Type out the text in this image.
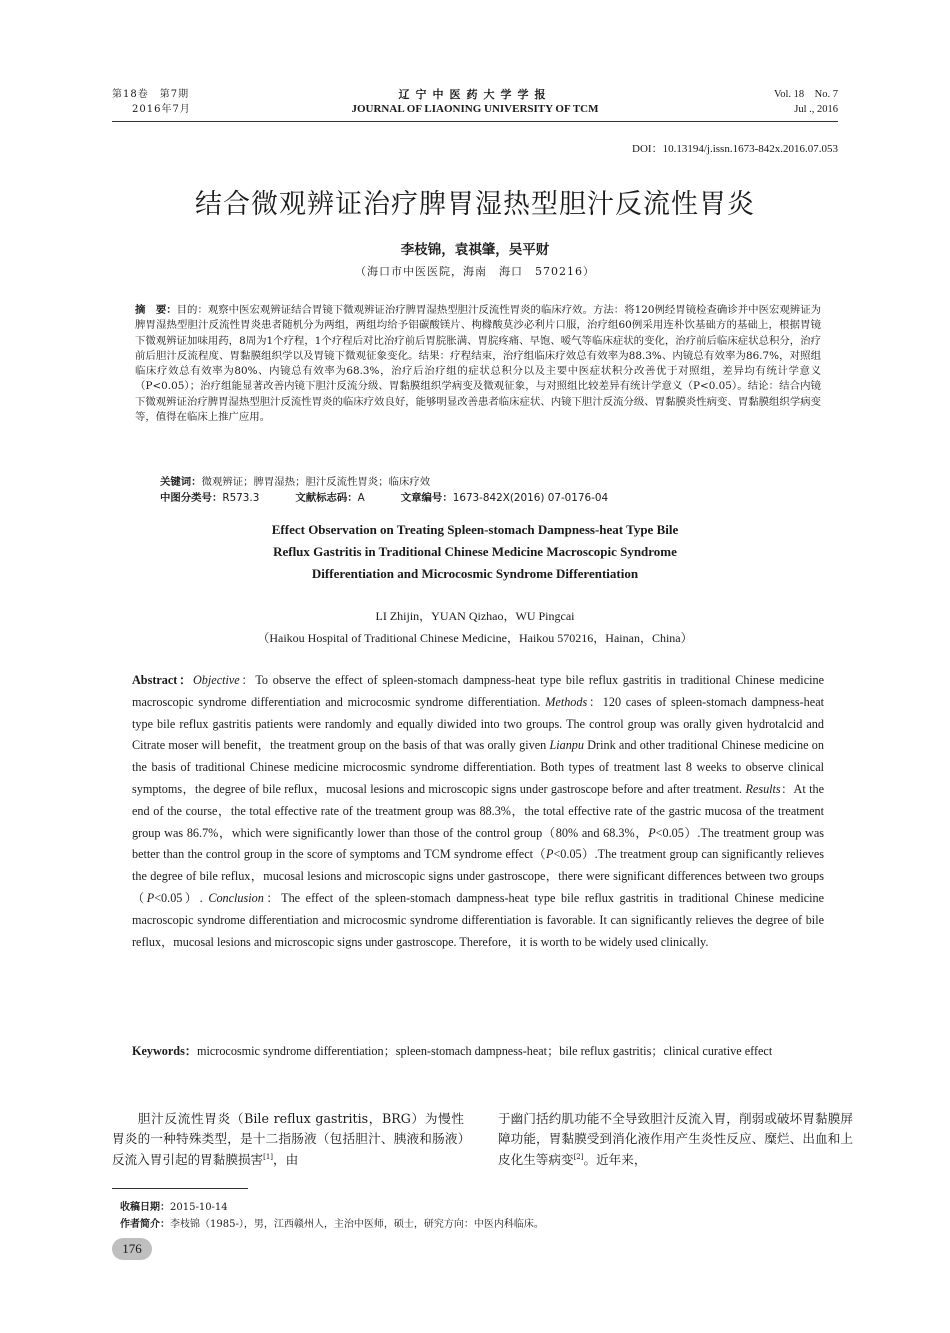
第18卷　第7期
2016年7月
辽宁中医药大学学报
JOURNAL OF LIAONING UNIVERSITY OF TCM
Vol. 18　No. 7
Jul ., 2016
DOI：10.13194/j.issn.1673-842x.2016.07.053
结合微观辨证治疗脾胃湿热型胆汁反流性胃炎
李枝锦，袁祺肇，吴平财
（海口市中医医院，海南　海口　570216）
摘　要：目的：观察中医宏观辨证结合胃镜下微观辨证治疗脾胃湿热型胆汁反流性胃炎的临床疗效。方法：将120例经胃镜检查确诊并中医宏观辨证为脾胃湿热型胆汁反流性胃炎患者随机分为两组，两组均给予铝碳酸镁片、枸橼酸莫沙必利片口服，治疗组60例采用连朴饮基础方的基础上，根据胃镜下微观辨证加味用药，8周为1个疗程，1个疗程后对比治疗前后胃脘胀满、胃脘疼痛、早饱、嗳气等临床症状的变化，治疗前后临床症状总积分，治疗前后胆汁反流程度、胃黏膜组织学以及胃镜下微观征象变化。结果：疗程结束，治疗组临床疗效总有效率为88.3%、内镜总有效率为86.7%，对照组临床疗效总有效率为80%、内镜总有效率为68.3%，治疗后治疗组的症状总积分以及主要中医症状积分改善优于对照组，差异均有统计学意义（P<0.05）；治疗组能显著改善内镜下胆汁反流分级、胃黏膜组织学病变及微观征象，与对照组比较差异有统计学意义（P<0.05）。结论：结合内镜下微观辨证治疗脾胃湿热型胆汁反流性胃炎的临床疗效良好，能够明显改善患者临床症状、内镜下胆汁反流分级、胃黏膜炎性病变、胃黏膜组织学病变等，值得在临床上推广应用。
关键词：微观辨证；脾胃湿热；胆汁反流性胃炎；临床疗效
中图分类号：R573.3	文献标志码：A	文章编号：1673-842X(2016) 07-0176-04
Effect Observation on Treating Spleen-stomach Dampness-heat Type Bile
Reflux Gastritis in Traditional Chinese Medicine Macroscopic Syndrome
Differentiation and Microcosmic Syndrome Differentiation
LI Zhijin，YUAN Qizhao，WU Pingcai
（Haikou Hospital of Traditional Chinese Medicine，Haikou 570216，Hainan，China）
Abstract：Objective：To observe the effect of spleen-stomach dampness-heat type bile reflux gastritis in traditional Chinese medicine macroscopic syndrome differentiation and microcosmic syndrome differentiation. Methods：120 cases of spleen-stomach dampness-heat type bile reflux gastritis patients were randomly and equally diwided into two groups. The control group was orally given hydrotalcid and Citrate moser will benefit，the treatment group on the basis of that was orally given Lianpu Drink and other traditional Chinese medicine on the basis of traditional Chinese medicine microcosmic syndrome differentiation. Both types of treatment last 8 weeks to observe clinical symptoms，the degree of bile reflux，mucosal lesions and microscopic signs under gastroscope before and after treatment. Results：At the end of the course，the total effective rate of the treatment group was 88.3%，the total effective rate of the gastric mucosa of the treatment group was 86.7%，which were significantly lower than those of the control group（80% and 68.3%，P<0.05）.The treatment group was better than the control group in the score of symptoms and TCM syndrome effect（P<0.05）.The treatment group can significantly relieves the degree of bile reflux，mucosal lesions and microscopic signs under gastroscope，there were significant differences between two groups（P<0.05）. Conclusion：The effect of the spleen-stomach dampness-heat type bile reflux gastritis in traditional Chinese medicine macroscopic syndrome differentiation and microcosmic syndrome differentiation is favorable. It can significantly relieves the degree of bile reflux，mucosal lesions and microscopic signs under gastroscope. Therefore，it is worth to be widely used clinically.
Keywords：microcosmic syndrome differentiation；spleen-stomach dampness-heat；bile reflux gastritis；clinical curative effect
胆汁反流性胃炎（Bile reflux gastritis，BRG）为慢性胃炎的一种特殊类型，是十二指肠液（包括胆汁、胰液和肠液）反流入胃引起的胃黏膜损害[1]，由
于幽门括约肌功能不全导致胆汁反流入胃，削弱或破坏胃黏膜屏障功能，胃黏膜受到消化液作用产生炎性反应、糜烂、出血和上皮化生等病变[2]。近年来，
收稿日期：2015-10-14
作者简介：李枝锦（1985-），男，江西赣州人，主治中医师，硕士，研究方向：中医内科临床。
176
